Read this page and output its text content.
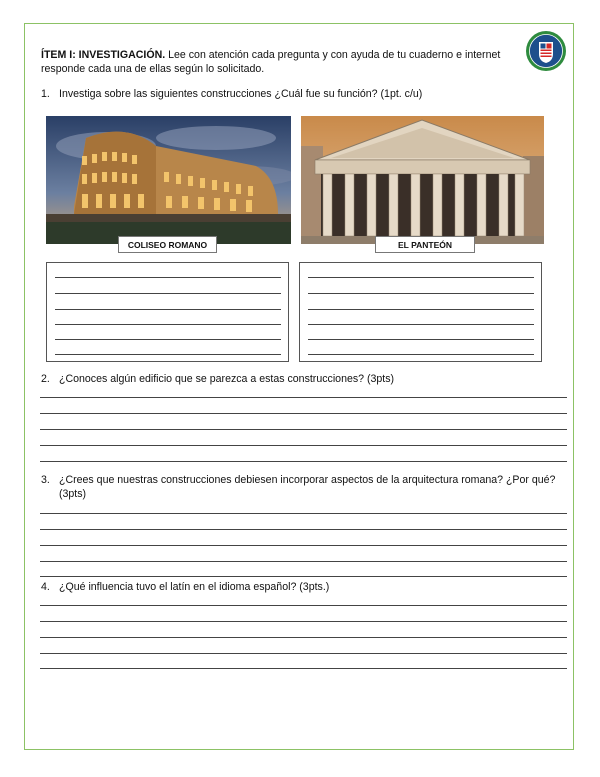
ÍTEM I: INVESTIGACIÓN. Lee con atención cada pregunta y con ayuda de tu cuaderno e internet responde cada una de ellas según lo solicitado.

1. Investiga sobre las siguientes construcciones ¿Cuál fue su función? (1pt. c/u)
COLISEO ROMANO	EL PANTEÓN
2. ¿Conoces algún edificio que se parezca a estas construcciones? (3pts)
3. ¿Crees que nuestras construcciones debiesen incorporar aspectos de la arquitectura romana? ¿Por qué? (3pts)
4. ¿Qué influencia tuvo el latín en el idioma español? (3pts.)
